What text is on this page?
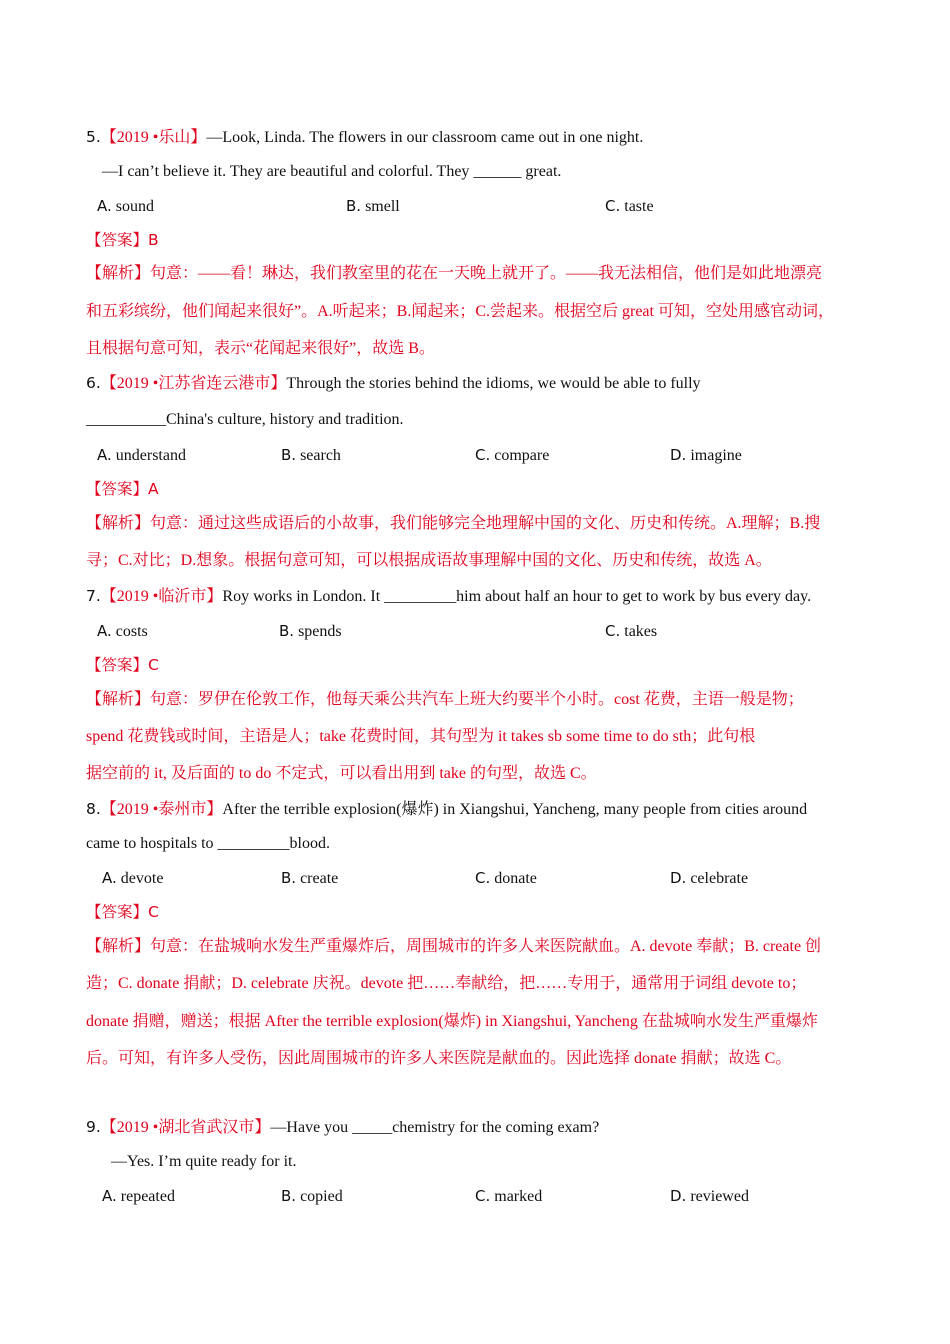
5.【2019 •乐山】—Look, Linda. The flowers in our classroom came out in one night.
—I can’t believe it. They are beautiful and colorful. They ______ great.
A. sound	B. smell	C. taste
【答案】B
【解析】句意：——看！琳达，我们教室里的花在一天晚上就开了。——我无法相信，他们是如此地漂亮
和五彩缤纷，他们闻起来很好”。A.听起来；B.闻起来；C.尝起来。根据空后 great 可知，空处用感官动词，
且根据句意可知，表示“花闻起来很好”，故选 B。
6.【2019 •江苏省连云港市】Through the stories behind the idioms, we would be able to fully
__________China's culture, history and tradition.
A. understand	B. search	C. compare	D. imagine
【答案】A
【解析】句意：通过这些成语后的小故事，我们能够完全地理解中国的文化、历史和传统。A.理解；B.搜
寻；C.对比；D.想象。根据句意可知，可以根据成语故事理解中国的文化、历史和传统，故选 A。
7.【2019 •临沂市】Roy works in London. It _________him about half an hour to get to work by bus every day.
A. costs	B. spends	C. takes
【答案】C
【解析】句意：罗伊在伦敦工作，他每天乘公共汽车上班大约要半个小时。cost 花费，主语一般是物；
spend 花费钱或时间，主语是人；take 花费时间，其句型为 it takes sb some time to do sth；此句根
据空前的 it, 及后面的 to do 不定式，可以看出用到 take 的句型，故选 C。
8.【2019 •泰州市】After the terrible explosion(爆炸) in Xiangshui, Yancheng, many people from cities around
came to hospitals to _________blood.
A. devote	B. create	C. donate	D. celebrate
【答案】C
【解析】句意：在盐城响水发生严重爆炸后，周围城市的许多人来医院献血。A. devote 奉献；B. create 创
造；C. donate 捐献；D. celebrate 庆祝。devote 把……奉献给，把……专用于，通常用于词组 devote to；
donate 捐赠，赠送；根据 After the terrible explosion(爆炸) in Xiangshui, Yancheng 在盐城响水发生严重爆炸
后。可知，有许多人受伤，因此周围城市的许多人来医院是献血的。因此选择 donate 捐献；故选 C。
9.【2019 •湖北省武汉市】—Have you _____chemistry for the coming exam?
—Yes. I’m quite ready for it.
A. repeated	B. copied	C. marked	D. reviewed
